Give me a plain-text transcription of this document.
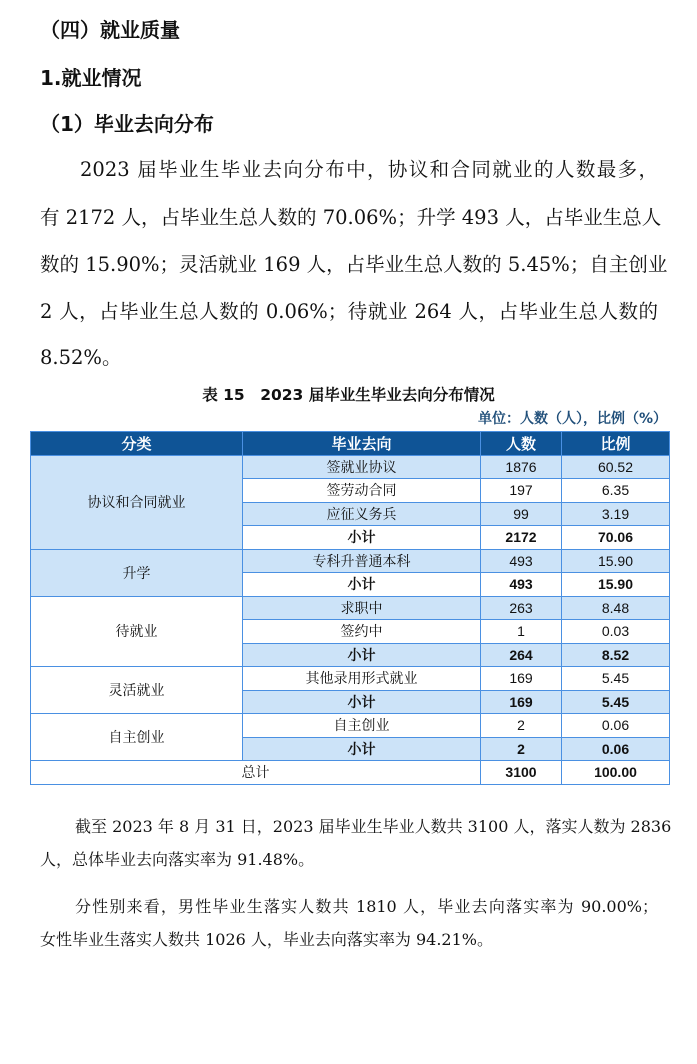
（四）就业质量
1.就业情况
（1）毕业去向分布
2023 届毕业生毕业去向分布中，协议和合同就业的人数最多，
有 2172 人，占毕业生总人数的 70.06%；升学 493 人，占毕业生总人
数的 15.90%；灵活就业 169 人，占毕业生总人数的 5.45%；自主创业
2 人，占毕业生总人数的 0.06%；待就业 264 人，占毕业生总人数的
8.52%。
表 15　2023 届毕业生毕业去向分布情况
单位：人数（人），比例（%）
分类	毕业去向	人数	比例
协议和合同就业	签就业协议	1876	60.52
	签劳动合同	197	6.35
	应征义务兵	99	3.19
	小计	2172	70.06
升学	专科升普通本科	493	15.90
	小计	493	15.90
待就业	求职中	263	8.48
	签约中	1	0.03
	小计	264	8.52
灵活就业	其他录用形式就业	169	5.45
	小计	169	5.45
自主创业	自主创业	2	0.06
	小计	2	0.06
总计		3100	100.00
截至 2023 年 8 月 31 日，2023 届毕业生毕业人数共 3100 人，落实人数为 2836
人，总体毕业去向落实率为 91.48%。
分性别来看，男性毕业生落实人数共 1810 人，毕业去向落实率为 90.00%；
女性毕业生落实人数共 1026 人，毕业去向落实率为 94.21%。
